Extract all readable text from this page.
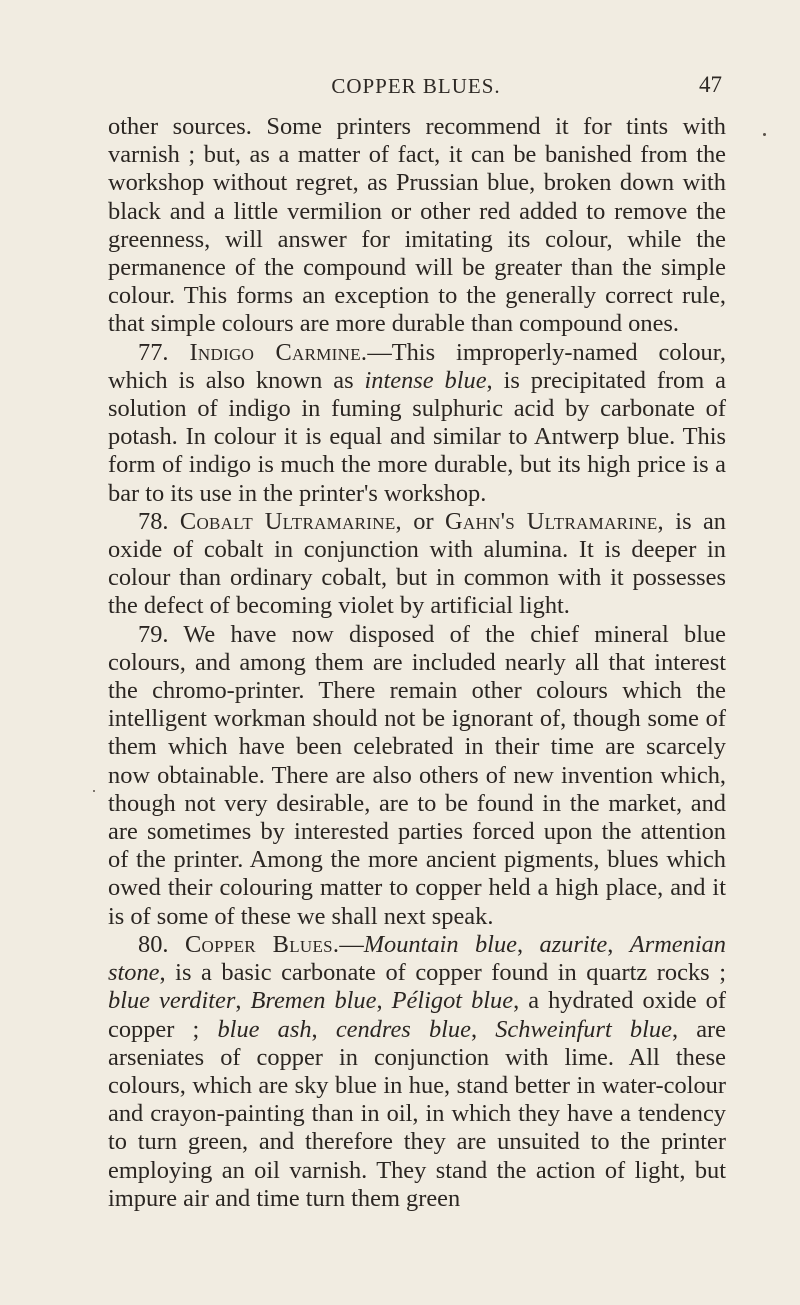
COPPER BLUES.	47

other sources. Some printers recommend it for tints with varnish ; but, as a matter of fact, it can be banished from the workshop without regret, as Prussian blue, broken down with black and a little vermilion or other red added to remove the greenness, will answer for imitating its colour, while the permanence of the compound will be greater than the simple colour. This forms an exception to the generally correct rule, that simple colours are more durable than compound ones.

77. Indigo Carmine.—This improperly-named colour, which is also known as intense blue, is precipitated from a solution of indigo in fuming sulphuric acid by carbonate of potash. In colour it is equal and similar to Antwerp blue. This form of indigo is much the more durable, but its high price is a bar to its use in the printer's workshop.

78. Cobalt Ultramarine, or Gahn's Ultramarine, is an oxide of cobalt in conjunction with alumina. It is deeper in colour than ordinary cobalt, but in common with it possesses the defect of becoming violet by artificial light.

79. We have now disposed of the chief mineral blue colours, and among them are included nearly all that interest the chromo-printer. There remain other colours which the intelligent workman should not be ignorant of, though some of them which have been celebrated in their time are scarcely now obtainable. There are also others of new invention which, though not very desirable, are to be found in the market, and are sometimes by interested parties forced upon the attention of the printer. Among the more ancient pigments, blues which owed their colouring matter to copper held a high place, and it is of some of these we shall next speak.

80. Copper Blues.—Mountain blue, azurite, Armenian stone, is a basic carbonate of copper found in quartz rocks ; blue verditer, Bremen blue, Péligot blue, a hydrated oxide of copper ; blue ash, cendres blue, Schweinfurt blue, are arseniates of copper in conjunction with lime. All these colours, which are sky blue in hue, stand better in water-colour and crayon-painting than in oil, in which they have a tendency to turn green, and therefore they are unsuited to the printer employing an oil varnish. They stand the action of light, but impure air and time turn them green
